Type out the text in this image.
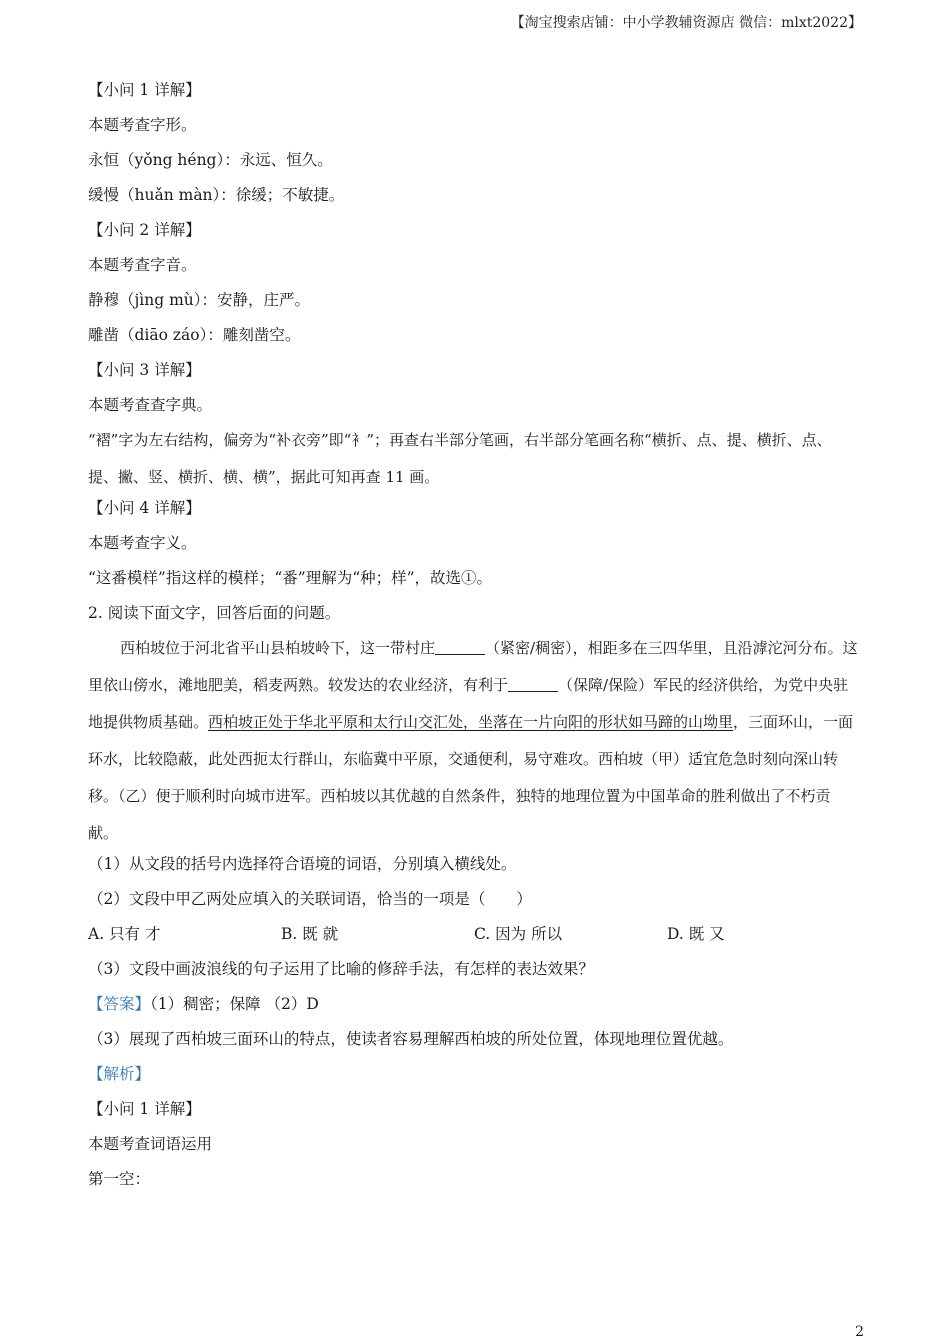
【淘宝搜索店铺：中小学教辅资源店 微信：mlxt2022】
【小问 1 详解】
本题考查字形。
永恒（yǒng héng）：永远、恒久。
缓慢（huǎn màn）：徐缓；不敏捷。
【小问 2 详解】
本题考查字音。
静穆（jìng mù）：安静，庄严。
雕凿（diāo záo）：雕刻凿空。
【小问 3 详解】
本题考查查字典。
“褶”字为左右结构，偏旁为“补衣旁”即“衤”；再查右半部分笔画，右半部分笔画名称“横折、点、提、横折、点、提、撇、竖、横折、横、横”，据此可知再查 11 画。
【小问 4 详解】
本题考查字义。
“这番模样”指这样的模样；“番”理解为“种；样”，故选①。
2. 阅读下面文字，回答后面的问题。
西柏坡位于河北省平山县柏坡岭下，这一带村庄	（紧密/稠密），相距多在三四华里，且沿滹沱河分布。这里依山傍水，滩地肥美，稻麦两熟。较发达的农业经济，有利于	（保障/保险）军民的经济供给，为党中央驻地提供物质基础。西柏坡正处于华北平原和太行山交汇处，坐落在一片向阳的形状如马蹄的山坳里，三面环山，一面环水，比较隐蔽，此处西扼太行群山，东临冀中平原，交通便利，易守难攻。西柏坡（甲）适宜危急时刻向深山转移。（乙）便于顺利时向城市进军。西柏坡以其优越的自然条件，独特的地理位置为中国革命的胜利做出了不朽贡献。
（1）从文段的括号内选择符合语境的词语，分别填入横线处。
（2）文段中甲乙两处应填入的关联词语，恰当的一项是（　　）
A. 只有 才	B. 既 就	C. 因为 所以	D. 既 又
（3）文段中画波浪线的句子运用了比喻的修辞手法，有怎样的表达效果？
【答案】（1）稠密；保障 （2）D
（3）展现了西柏坡三面环山的特点，使读者容易理解西柏坡的所处位置，体现地理位置优越。
【解析】
【小问 1 详解】
本题考查词语运用
第一空：
2
